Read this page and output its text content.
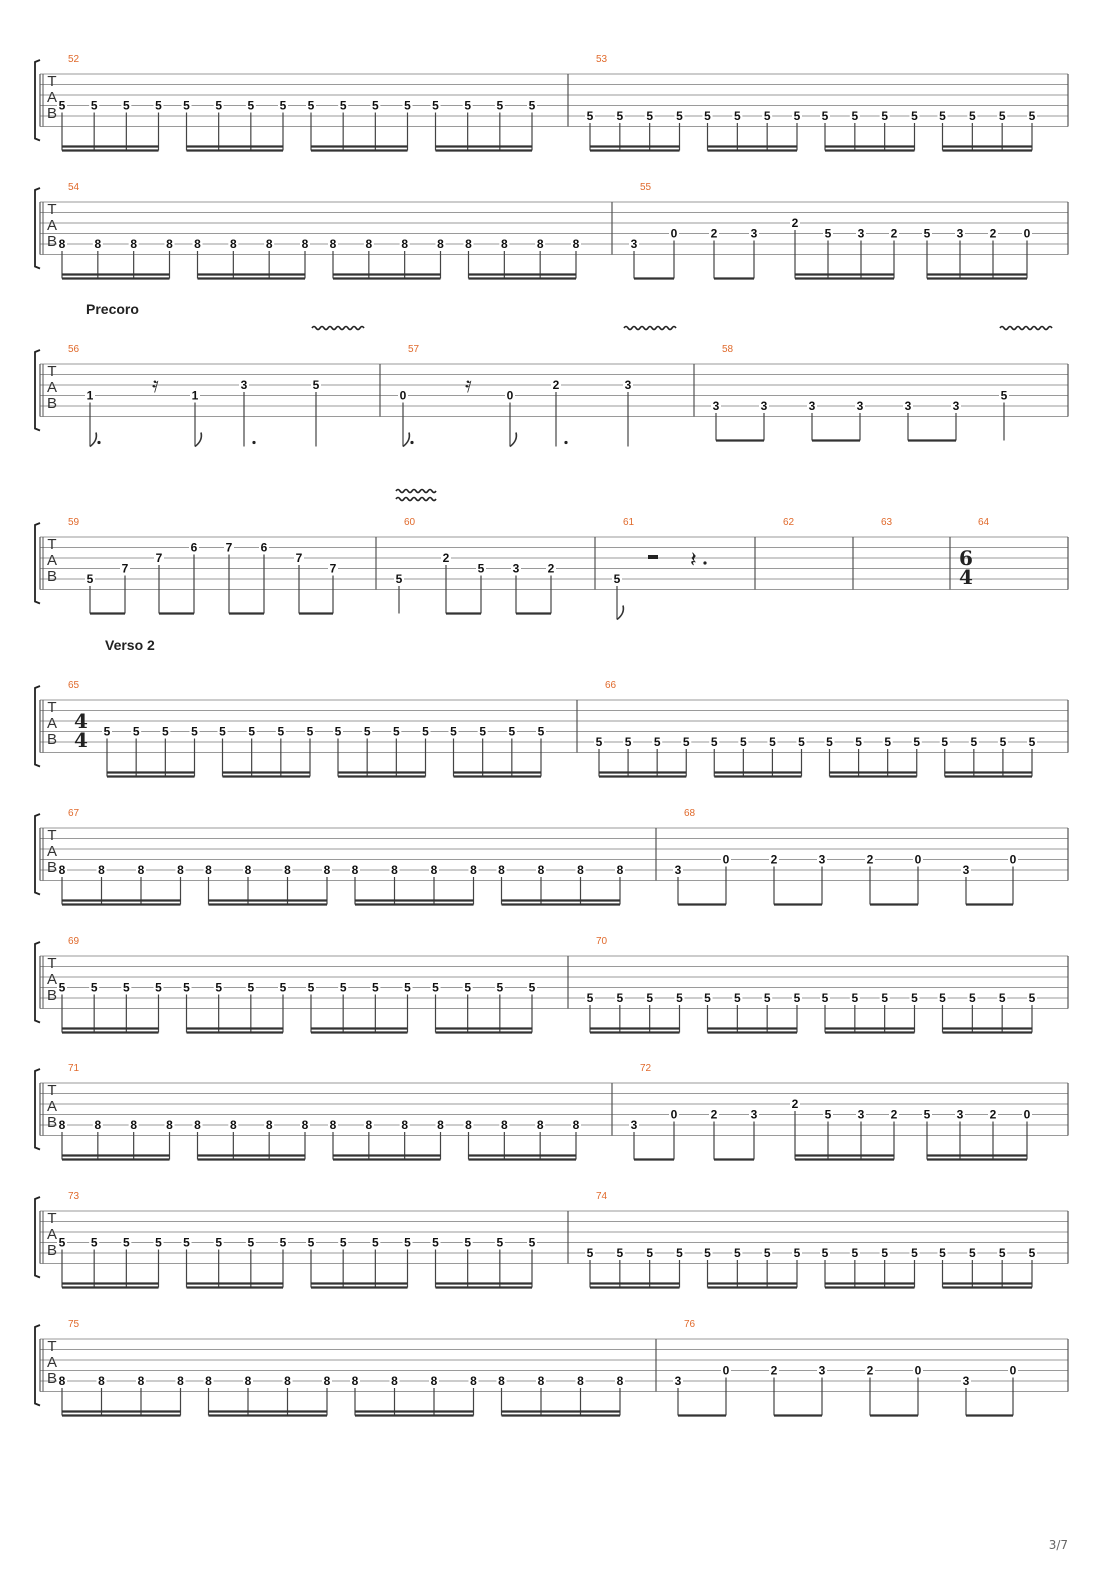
T
A
B
52
5 5 5 5 5 5 5 5 5 5 5 5 5 5 5 5
53
5 5 5 5 5 5 5 5 5 5 5 5 5 5 5 5
T
A
B
54
8 8 8 8 8 8 8 8 8 8 8 8 8 8 8 8
55
3
0	2	3
2
5 3 2 5 3 2 0
T
A
B
Precoro
56
1	1
3	5
𝄿
57
0	0
2	3
𝄿
58
3	3	3	3	3	3
5
T
A
B
59
5
7
7
6 7 6
7
7
60
5
2
5 3 2
61
5
𝄽
62	63	64
6
4
T
A
B
Verso 2
65
4
4 5 5 5 5 5 5 5 5 5 5 5 5 5 5 5 5
66
5 5 5 5 5 5 5 5 5 5 5 5 5 5 5 5
T
A
B
67
8	8	8	8 8	8	8	8 8	8	8	8 8	8	8	8
68
3
0	2	3	2	0
3
0
T
A
B
69
5 5 5 5 5 5 5 5 5 5 5 5 5 5 5 5
70
5 5 5 5 5 5 5 5 5 5 5 5 5 5 5 5
T
A
B
71
8 8 8 8 8 8 8 8 8 8 8 8 8 8 8 8
72
3
0	2	3
2
5 3 2 5 3 2 0
T
A
B
73
5 5 5 5 5 5 5 5 5 5 5 5 5 5 5 5
74
5 5 5 5 5 5 5 5 5 5 5 5 5 5 5 5
T
A
B
75
8	8	8	8 8	8	8	8 8	8	8	8 8	8	8	8
76
3
0	2	3	2	0
3
0
3/7
